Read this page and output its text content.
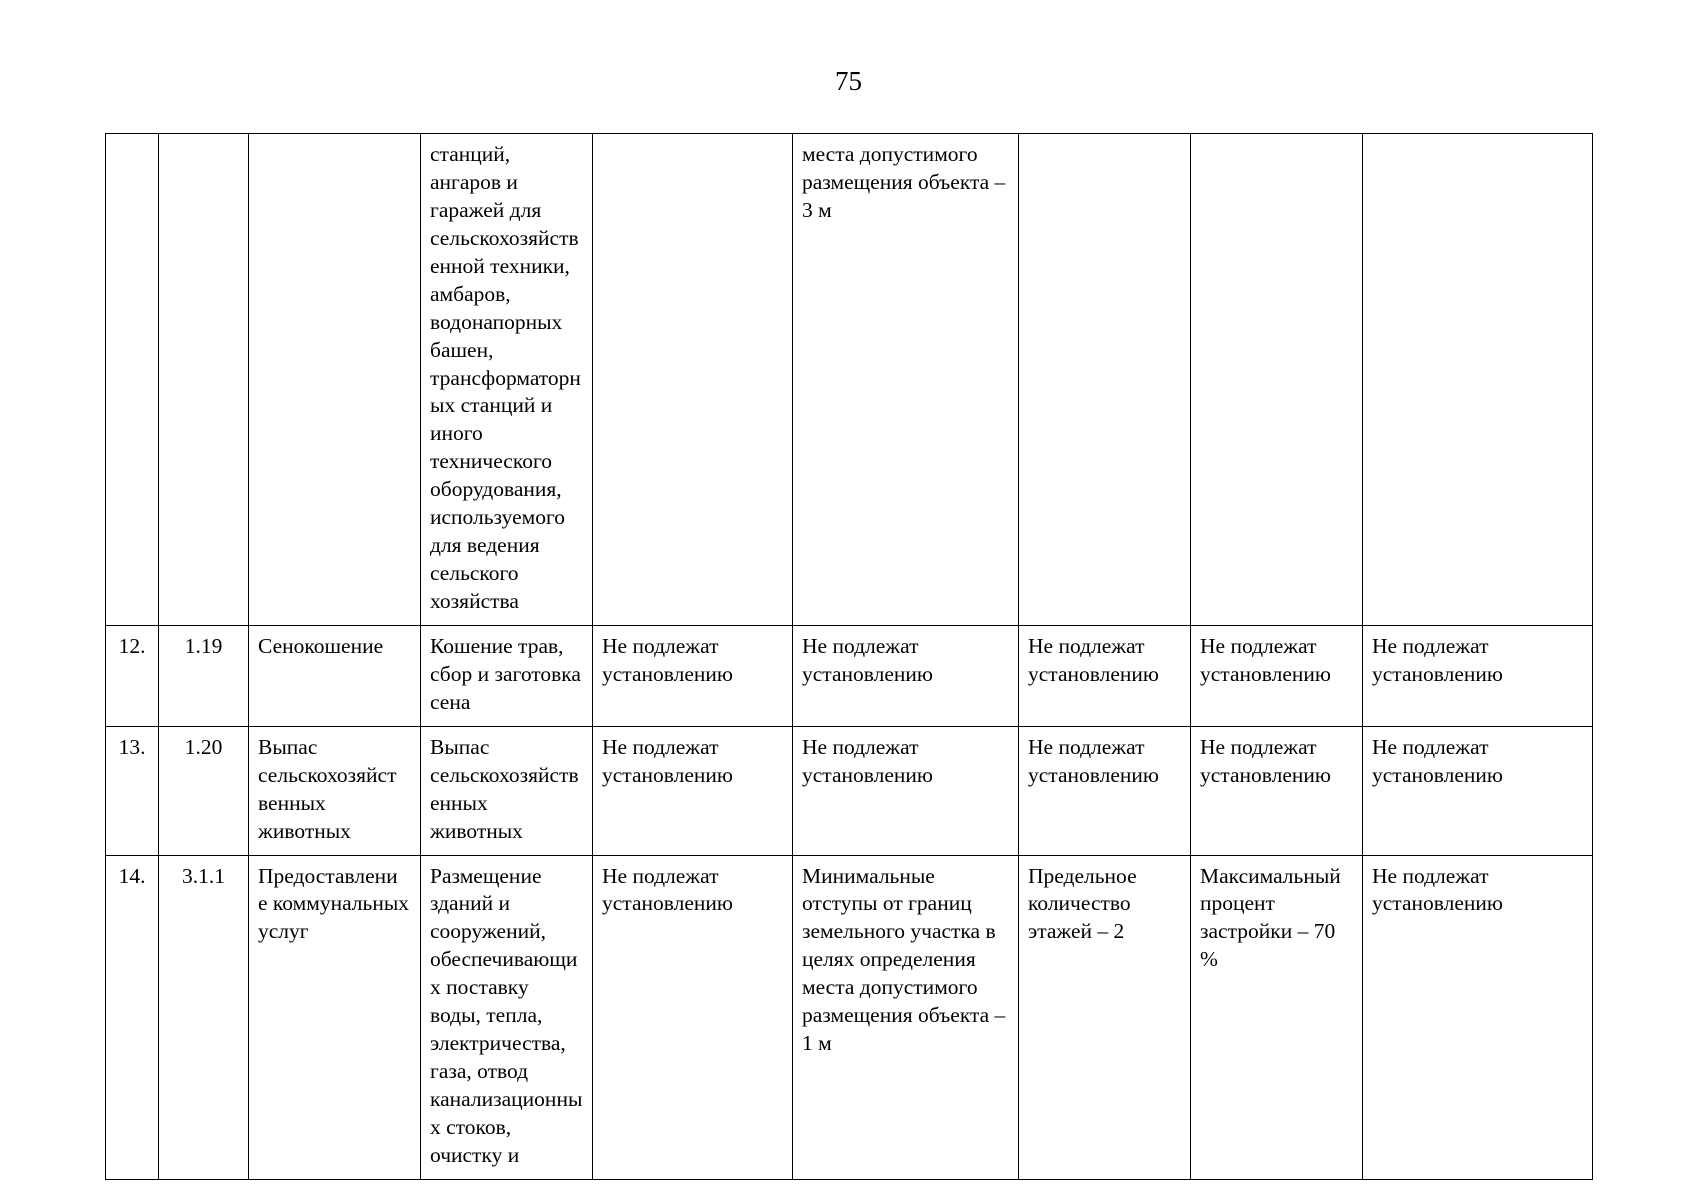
75

			станций, ангаров и гаражей для сельскохозяйств енной техники, амбаров, водонапорных башен, трансформаторн ых станций и иного технического оборудования, используемого для ведения сельского хозяйства		места допустимого размещения объекта – 3 м			

12.	1.19	Сенокошение	Кошение трав, сбор и заготовка сена	Не подлежат установлению	Не подлежат установлению	Не подлежат установлению	Не подлежат установлению	Не подлежат установлению

13.	1.20	Выпас сельскохозяйст венных животных	Выпас сельскохозяйств енных животных	Не подлежат установлению	Не подлежат установлению	Не подлежат установлению	Не подлежат установлению	Не подлежат установлению

14.	3.1.1	Предоставлени е коммунальных услуг	Размещение зданий и сооружений, обеспечивающи х поставку воды, тепла, электричества, газа, отвод канализационны х стоков, очистку и	Не подлежат установлению	Минимальные отступы от границ земельного участка в целях определения места допустимого размещения объекта – 1 м	Предельное количество этажей – 2	Максимальный процент застройки – 70 %	Не подлежат установлению
